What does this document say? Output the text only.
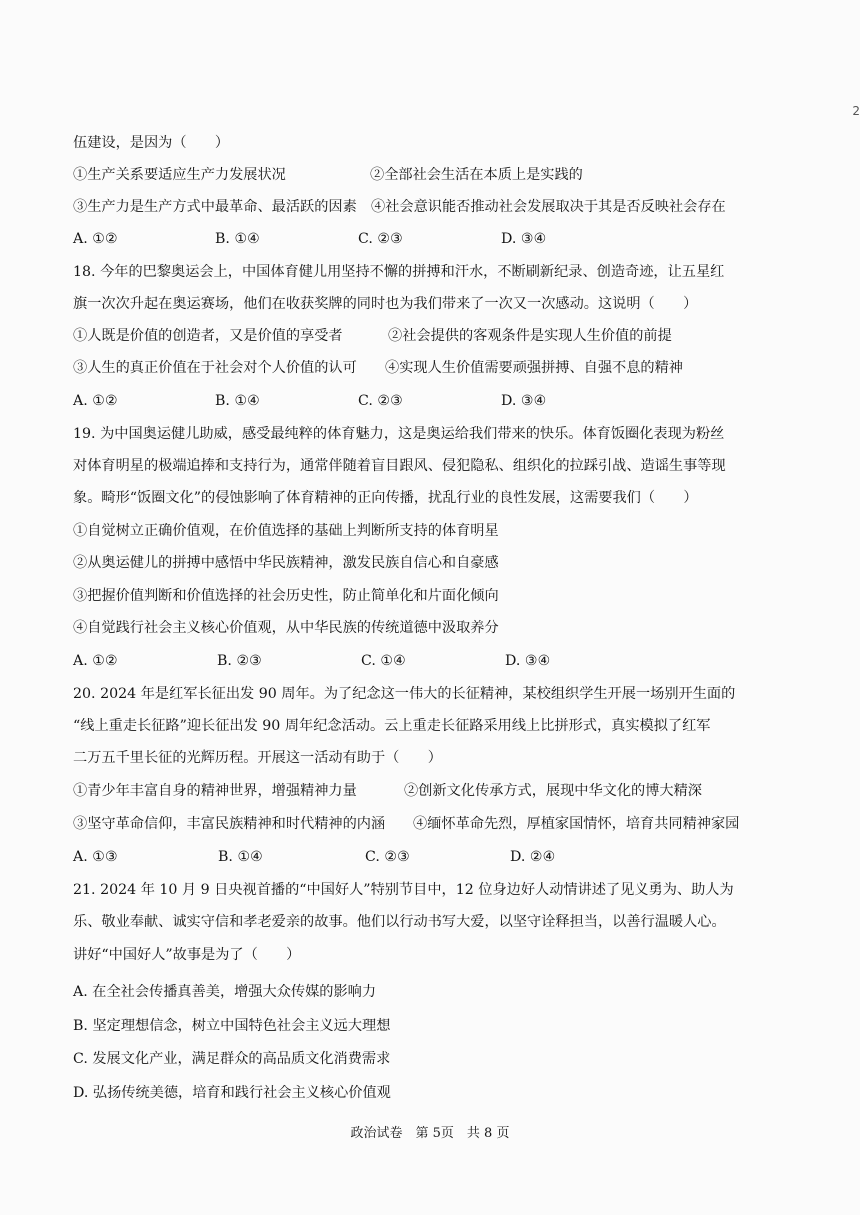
2
伍建设，是因为（　　）
①生产关系要适应生产力发展状况	②全部社会生活在本质上是实践的
③生产力是生产方式中最革命、最活跃的因素 ④社会意识能否推动社会发展取决于其是否反映社会存在
A. ①②	B. ①④	C. ②③	D. ③④
18. 今年的巴黎奥运会上，中国体育健儿用坚持不懈的拼搏和汗水，不断刷新纪录、创造奇迹，让五星红
旗一次次升起在奥运赛场，他们在收获奖牌的同时也为我们带来了一次又一次感动。这说明（　　）
①人既是价值的创造者，又是价值的享受者	②社会提供的客观条件是实现人生价值的前提
③人生的真正价值在于社会对个人价值的认可 ④实现人生价值需要顽强拼搏、自强不息的精神
A. ①②	B. ①④	C. ②③	D. ③④
19. 为中国奥运健儿助威，感受最纯粹的体育魅力，这是奥运给我们带来的快乐。体育饭圈化表现为粉丝
对体育明星的极端追捧和支持行为，通常伴随着盲目跟风、侵犯隐私、组织化的拉踩引战、造谣生事等现
象。畸形“饭圈文化”的侵蚀影响了体育精神的正向传播，扰乱行业的良性发展，这需要我们（　　）
①自觉树立正确价值观，在价值选择的基础上判断所支持的体育明星
②从奥运健儿的拼搏中感悟中华民族精神，激发民族自信心和自豪感
③把握价值判断和价值选择的社会历史性，防止简单化和片面化倾向
④自觉践行社会主义核心价值观，从中华民族的传统道德中汲取养分
A. ①②	B. ②③	C. ①④	D. ③④
20. 2024 年是红军长征出发 90 周年。为了纪念这一伟大的长征精神，某校组织学生开展一场别开生面的
“线上重走长征路”迎长征出发 90 周年纪念活动。云上重走长征路采用线上比拼形式，真实模拟了红军
二万五千里长征的光辉历程。开展这一活动有助于（　　）
①青少年丰富自身的精神世界，增强精神力量	②创新文化传承方式，展现中华文化的博大精深
③坚守革命信仰，丰富民族精神和时代精神的内涵 ④缅怀革命先烈，厚植家国情怀，培育共同精神家园
A. ①③	B. ①④	C. ②③	D. ②④
21. 2024 年 10 月 9 日央视首播的“中国好人”特别节目中，12 位身边好人动情讲述了见义勇为、助人为
乐、敬业奉献、诚实守信和孝老爱亲的故事。他们以行动书写大爱，以坚守诠释担当，以善行温暖人心。
讲好“中国好人”故事是为了（　　）
A. 在全社会传播真善美，增强大众传媒的影响力
B. 坚定理想信念，树立中国特色社会主义远大理想
C. 发展文化产业，满足群众的高品质文化消费需求
D. 弘扬传统美德，培育和践行社会主义核心价值观
政治试卷　第 5页　共 8 页
